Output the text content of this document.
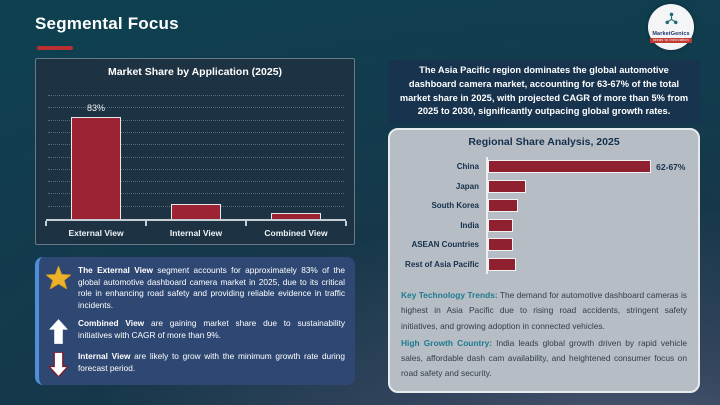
Segmental Focus
MarketGenics
Ideas to Innovation
Market Share by Application (2025)
83%
External View	Internal View	Combined View

The External View segment accounts for approximately 83% of the global automotive dashboard camera market in 2025, due to its critical role in enhancing road safety and providing reliable evidence in traffic incidents.

Combined View are gaining market share due to sustainability initiatives with CAGR of more than 9%.

Internal View are likely to grow with the minimum growth rate during forecast period.

The Asia Pacific region dominates the global automotive dashboard camera market, accounting for 63-67% of the total market share in 2025, with projected CAGR of more than 5% from 2025 to 2030, significantly outpacing global growth rates.

Regional Share Analysis, 2025
China	62-67%
Japan
South Korea
India
ASEAN Countries
Rest of Asia Pacific

Key Technology Trends: The demand for automotive dashboard cameras is highest in Asia Pacific due to rising road accidents, stringent safety initiatives, and growing adoption in connected vehicles.

High Growth Country: India leads global growth driven by rapid vehicle sales, affordable dash cam availability, and heightened consumer focus on road safety and security.
